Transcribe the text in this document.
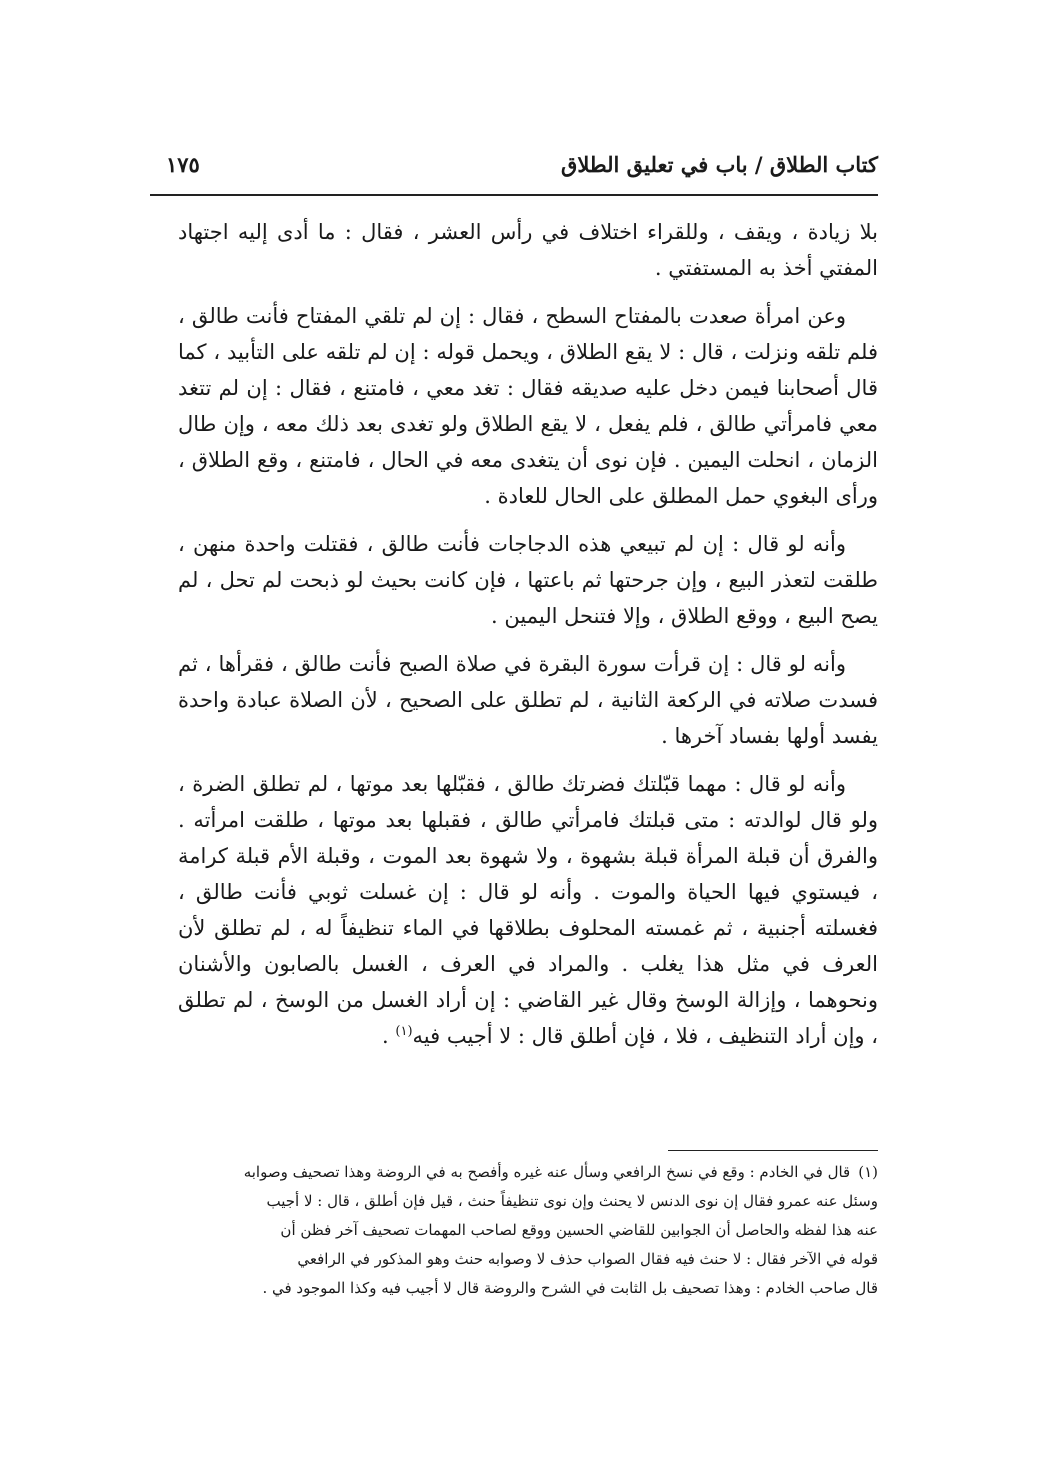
كتاب الطلاق / باب في تعليق الطلاق
١٧٥

بلا زيادة ، ويقف ، وللقراء اختلاف في رأس العشر ، فقال : ما أدى إليه اجتهاد المفتي أخذ به المستفتي .

وعن امرأة صعدت بالمفتاح السطح ، فقال : إن لم تلقي المفتاح فأنت طالق ، فلم تلقه ونزلت ، قال : لا يقع الطلاق ، ويحمل قوله : إن لم تلقه على التأبيد ، كما قال أصحابنا فيمن دخل عليه صديقه فقال : تغد معي ، فامتنع ، فقال : إن لم تتغد معي فامرأتي طالق ، فلم يفعل ، لا يقع الطلاق ولو تغدى بعد ذلك معه ، وإن طال الزمان ، انحلت اليمين . فإن نوى أن يتغدى معه في الحال ، فامتنع ، وقع الطلاق ، ورأى البغوي حمل المطلق على الحال للعادة .

وأنه لو قال : إن لم تبيعي هذه الدجاجات فأنت طالق ، فقتلت واحدة منهن ، طلقت لتعذر البيع ، وإن جرحتها ثم باعتها ، فإن كانت بحيث لو ذبحت لم تحل ، لم يصح البيع ، ووقع الطلاق ، وإلا فتنحل اليمين .

وأنه لو قال : إن قرأت سورة البقرة في صلاة الصبح فأنت طالق ، فقرأها ، ثم فسدت صلاته في الركعة الثانية ، لم تطلق على الصحيح ، لأن الصلاة عبادة واحدة يفسد أولها بفساد آخرها .

وأنه لو قال : مهما قبّلتك فضرتك طالق ، فقبّلها بعد موتها ، لم تطلق الضرة ، ولو قال لوالدته : متى قبلتك فامرأتي طالق ، فقبلها بعد موتها ، طلقت امرأته . والفرق أن قبلة المرأة قبلة بشهوة ، ولا شهوة بعد الموت ، وقبلة الأم قبلة كرامة ، فيستوي فيها الحياة والموت . وأنه لو قال : إن غسلت ثوبي فأنت طالق ، فغسلته أجنبية ، ثم غمسته المحلوف بطلاقها في الماء تنظيفاً له ، لم تطلق لأن العرف في مثل هذا يغلب . والمراد في العرف ، الغسل بالصابون والأشنان ونحوهما ، وإزالة الوسخ وقال غير القاضي : إن أراد الغسل من الوسخ ، لم تطلق ، وإن أراد التنظيف ، فلا ، فإن أطلق قال : لا أجيب فيه$^{(١)}$ .

(١)قال في الخادم : وقع في نسخ الرافعي وسأل عنه غيره وأفصح به في الروضة وهذا تصحيف وصوابه

وسئل عنه عمرو فقال إن نوى الدنس لا يحنث وإن نوى تنظيفاً حنث ، قيل فإن أطلق ، قال : لا أجيب

عنه هذا لفظه والحاصل أن الجوابين للقاضي الحسين ووقع لصاحب المهمات تصحيف آخر فظن أن

قوله في الآخر فقال : لا حنث فيه فقال الصواب حذف لا وصوابه حنث وهو المذكور في الرافعي

قال صاحب الخادم : وهذا تصحيف بل الثابت في الشرح والروضة قال لا أجيب فيه وكذا الموجود في .
